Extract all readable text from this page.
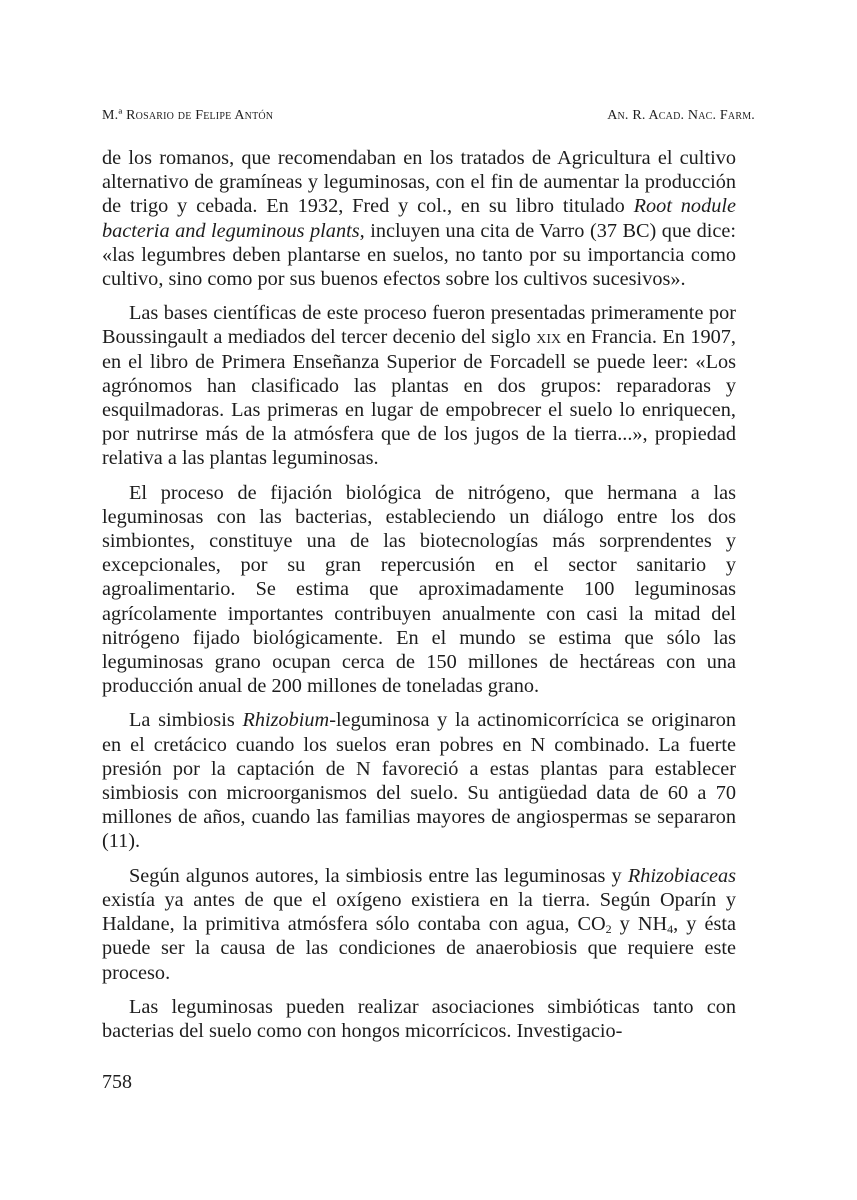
M.ª Rosario de Felipe Antón	An. R. Acad. Nac. Farm.

de los romanos, que recomendaban en los tratados de Agricultura el cultivo alternativo de gramíneas y leguminosas, con el fin de aumentar la producción de trigo y cebada. En 1932, Fred y col., en su libro titulado Root nodule bacteria and leguminous plants, incluyen una cita de Varro (37 BC) que dice: «las legumbres deben plantarse en suelos, no tanto por su importancia como cultivo, sino como por sus buenos efectos sobre los cultivos sucesivos».

Las bases científicas de este proceso fueron presentadas primeramente por Boussingault a mediados del tercer decenio del siglo xix en Francia. En 1907, en el libro de Primera Enseñanza Superior de Forcadell se puede leer: «Los agrónomos han clasificado las plantas en dos grupos: reparadoras y esquilmadoras. Las primeras en lugar de empobrecer el suelo lo enriquecen, por nutrirse más de la atmósfera que de los jugos de la tierra...», propiedad relativa a las plantas leguminosas.

El proceso de fijación biológica de nitrógeno, que hermana a las leguminosas con las bacterias, estableciendo un diálogo entre los dos simbiontes, constituye una de las biotecnologías más sorprendentes y excepcionales, por su gran repercusión en el sector sanitario y agroalimentario. Se estima que aproximadamente 100 leguminosas agrícolamente importantes contribuyen anualmente con casi la mitad del nitrógeno fijado biológicamente. En el mundo se estima que sólo las leguminosas grano ocupan cerca de 150 millones de hectáreas con una producción anual de 200 millones de toneladas grano.

La simbiosis Rhizobium-leguminosa y la actinomicorrícica se originaron en el cretácico cuando los suelos eran pobres en N combinado. La fuerte presión por la captación de N favoreció a estas plantas para establecer simbiosis con microorganismos del suelo. Su antigüedad data de 60 a 70 millones de años, cuando las familias mayores de angiospermas se separaron (11).

Según algunos autores, la simbiosis entre las leguminosas y Rhizobiaceas existía ya antes de que el oxígeno existiera en la tierra. Según Oparín y Haldane, la primitiva atmósfera sólo contaba con agua, $CO_2$ y $NH_4$, y ésta puede ser la causa de las condiciones de anaerobiosis que requiere este proceso.

Las leguminosas pueden realizar asociaciones simbióticas tanto con bacterias del suelo como con hongos micorrícicos. Investigacio-

758
